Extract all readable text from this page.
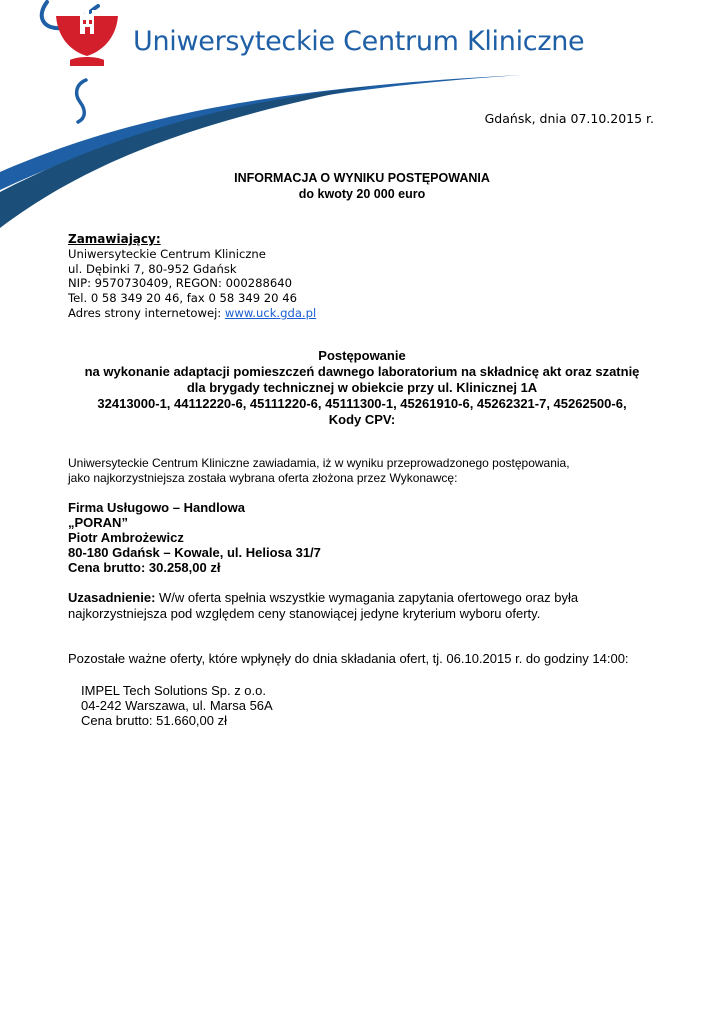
Uniwersyteckie Centrum Kliniczne
Gdańsk, dnia 07.10.2015 r.
INFORMACJA O WYNIKU POSTĘPOWANIA
do kwoty 20 000 euro
Zamawiający:
Uniwersyteckie Centrum Kliniczne
ul. Dębinki 7, 80-952 Gdańsk
NIP: 9570730409, REGON: 000288640
Tel. 0 58 349 20 46, fax 0 58 349 20 46
Adres strony internetowej: www.uck.gda.pl
Postępowanie
na wykonanie adaptacji pomieszczeń dawnego laboratorium na składnicę akt oraz szatnię
dla brygady technicznej w obiekcie przy ul. Klinicznej 1A
32413000-1, 44112220-6, 45111220-6, 45111300-1, 45261910-6, 45262321-7, 45262500-6,
Kody CPV:
Uniwersyteckie Centrum Kliniczne zawiadamia, iż w wyniku przeprowadzonego postępowania,
jako najkorzystniejsza została wybrana oferta złożona przez Wykonawcę:
Firma Usługowo – Handlowa
„PORAN”
Piotr Ambrożewicz
80-180 Gdańsk – Kowale, ul. Heliosa 31/7
Cena brutto: 30.258,00 zł
Uzasadnienie: W/w oferta spełnia wszystkie wymagania zapytania ofertowego oraz była
najkorzystniejsza pod względem ceny stanowiącej jedyne kryterium wyboru oferty.
Pozostałe ważne oferty, które wpłynęły do dnia składania ofert, tj. 06.10.2015 r. do godziny 14:00:
IMPEL Tech Solutions Sp. z o.o.
04-242 Warszawa, ul. Marsa 56A
Cena brutto: 51.660,00 zł
